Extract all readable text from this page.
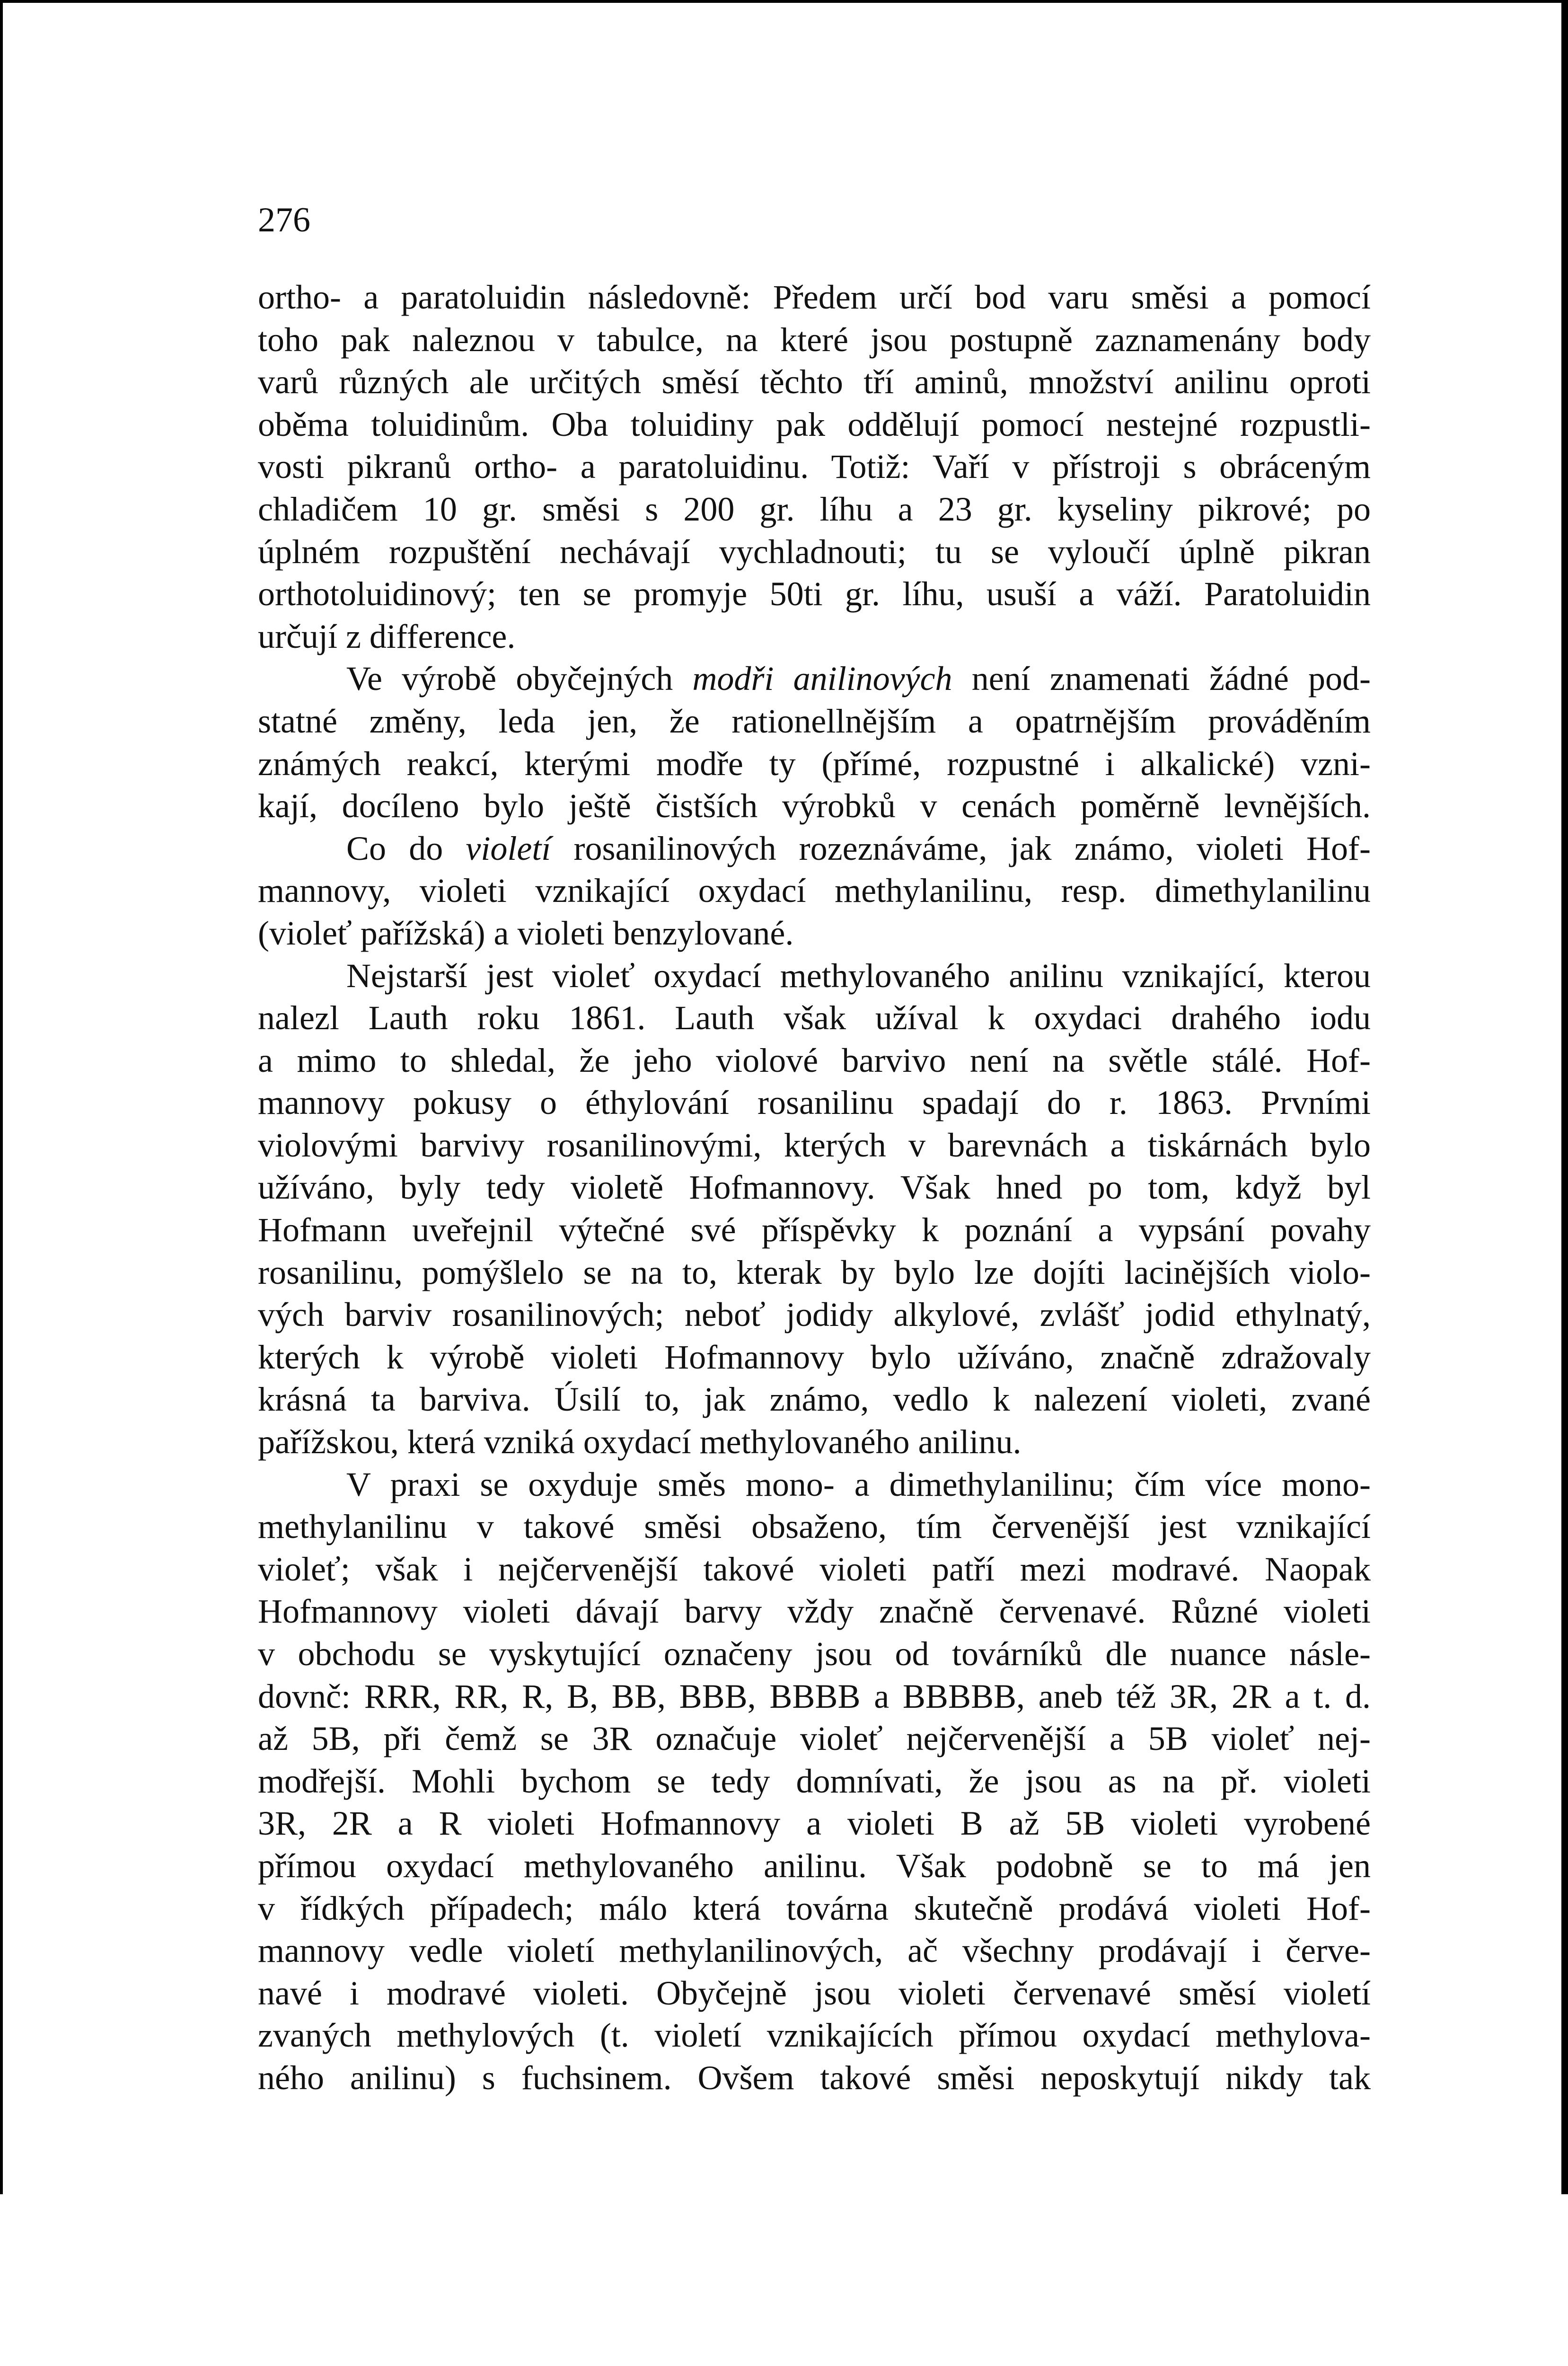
276
ortho- a paratoluidin následovně: Předem určí bod varu směsi a pomocí
toho pak naleznou v tabulce, na které jsou postupně zaznamenány body
varů různých ale určitých směsí těchto tří aminů, množství anilinu oproti
oběma toluidinům. Oba toluidiny pak oddělují pomocí nestejné rozpustli-
vosti pikranů ortho- a paratoluidinu. Totiž: Vaří v přístroji s obráceným
chladičem 10 gr. směsi s 200 gr. líhu a 23 gr. kyseliny pikrové; po
úplném rozpuštění nechávají vychladnouti; tu se vyloučí úplně pikran
orthotoluidinový; ten se promyje 50ti gr. líhu, usuší a váží. Paratoluidin
určují z difference.
Ve výrobě obyčejných modři anilinových není znamenati žádné pod-
statné změny, leda jen, že rationellnějším a opatrnějším prováděním
známých reakcí, kterými modře ty (přímé, rozpustné i alkalické) vzni-
kají, docíleno bylo ještě čistších výrobků v cenách poměrně levnějších.
Co do violetí rosanilinových rozeznáváme, jak známo, violeti Hof-
mannovy, violeti vznikající oxydací methylanilinu, resp. dimethylanilinu
(violeť pařížská) a violeti benzylované.
Nejstarší jest violeť oxydací methylovaného anilinu vznikající, kterou
nalezl Lauth roku 1861. Lauth však užíval k oxydaci drahého iodu
a mimo to shledal, že jeho violové barvivo není na světle stálé. Hof-
mannovy pokusy o éthylování rosanilinu spadají do r. 1863. Prvními
violovými barvivy rosanilinovými, kterých v barevnách a tiskárnách bylo
užíváno, byly tedy violetě Hofmannovy. Však hned po tom, když byl
Hofmann uveřejnil výtečné své příspěvky k poznání a vypsání povahy
rosanilinu, pomýšlelo se na to, kterak by bylo lze dojíti lacinějších violo-
vých barviv rosanilinových; neboť jodidy alkylové, zvlášť jodid ethylnatý,
kterých k výrobě violeti Hofmannovy bylo užíváno, značně zdražovaly
krásná ta barviva. Úsilí to, jak známo, vedlo k nalezení violeti, zvané
pařížskou, která vzniká oxydací methylovaného anilinu.
V praxi se oxyduje směs mono- a dimethylanilinu; čím více mono-
methylanilinu v takové směsi obsaženo, tím červenější jest vznikající
violeť; však i nejčervenější takové violeti patří mezi modravé. Naopak
Hofmannovy violeti dávají barvy vždy značně červenavé. Různé violeti
v obchodu se vyskytující označeny jsou od továrníků dle nuance násle-
dovnč: RRR, RR, R, B, BB, BBB, BBBB a BBBBB, aneb též 3R, 2R a t. d.
až 5B, při čemž se 3R označuje violeť nejčervenější a 5B violeť nej-
modřejší. Mohli bychom se tedy domnívati, že jsou as na př. violeti
3R, 2R a R violeti Hofmannovy a violeti B až 5B violeti vyrobené
přímou oxydací methylovaného anilinu. Však podobně se to má jen
v řídkých případech; málo která továrna skutečně prodává violeti Hof-
mannovy vedle violetí methylanilinových, ač všechny prodávají i červe-
navé i modravé violeti. Obyčejně jsou violeti červenavé směsí violetí
zvaných methylových (t. violetí vznikajících přímou oxydací methylova-
ného anilinu) s fuchsinem. Ovšem takové směsi neposkytují nikdy tak
